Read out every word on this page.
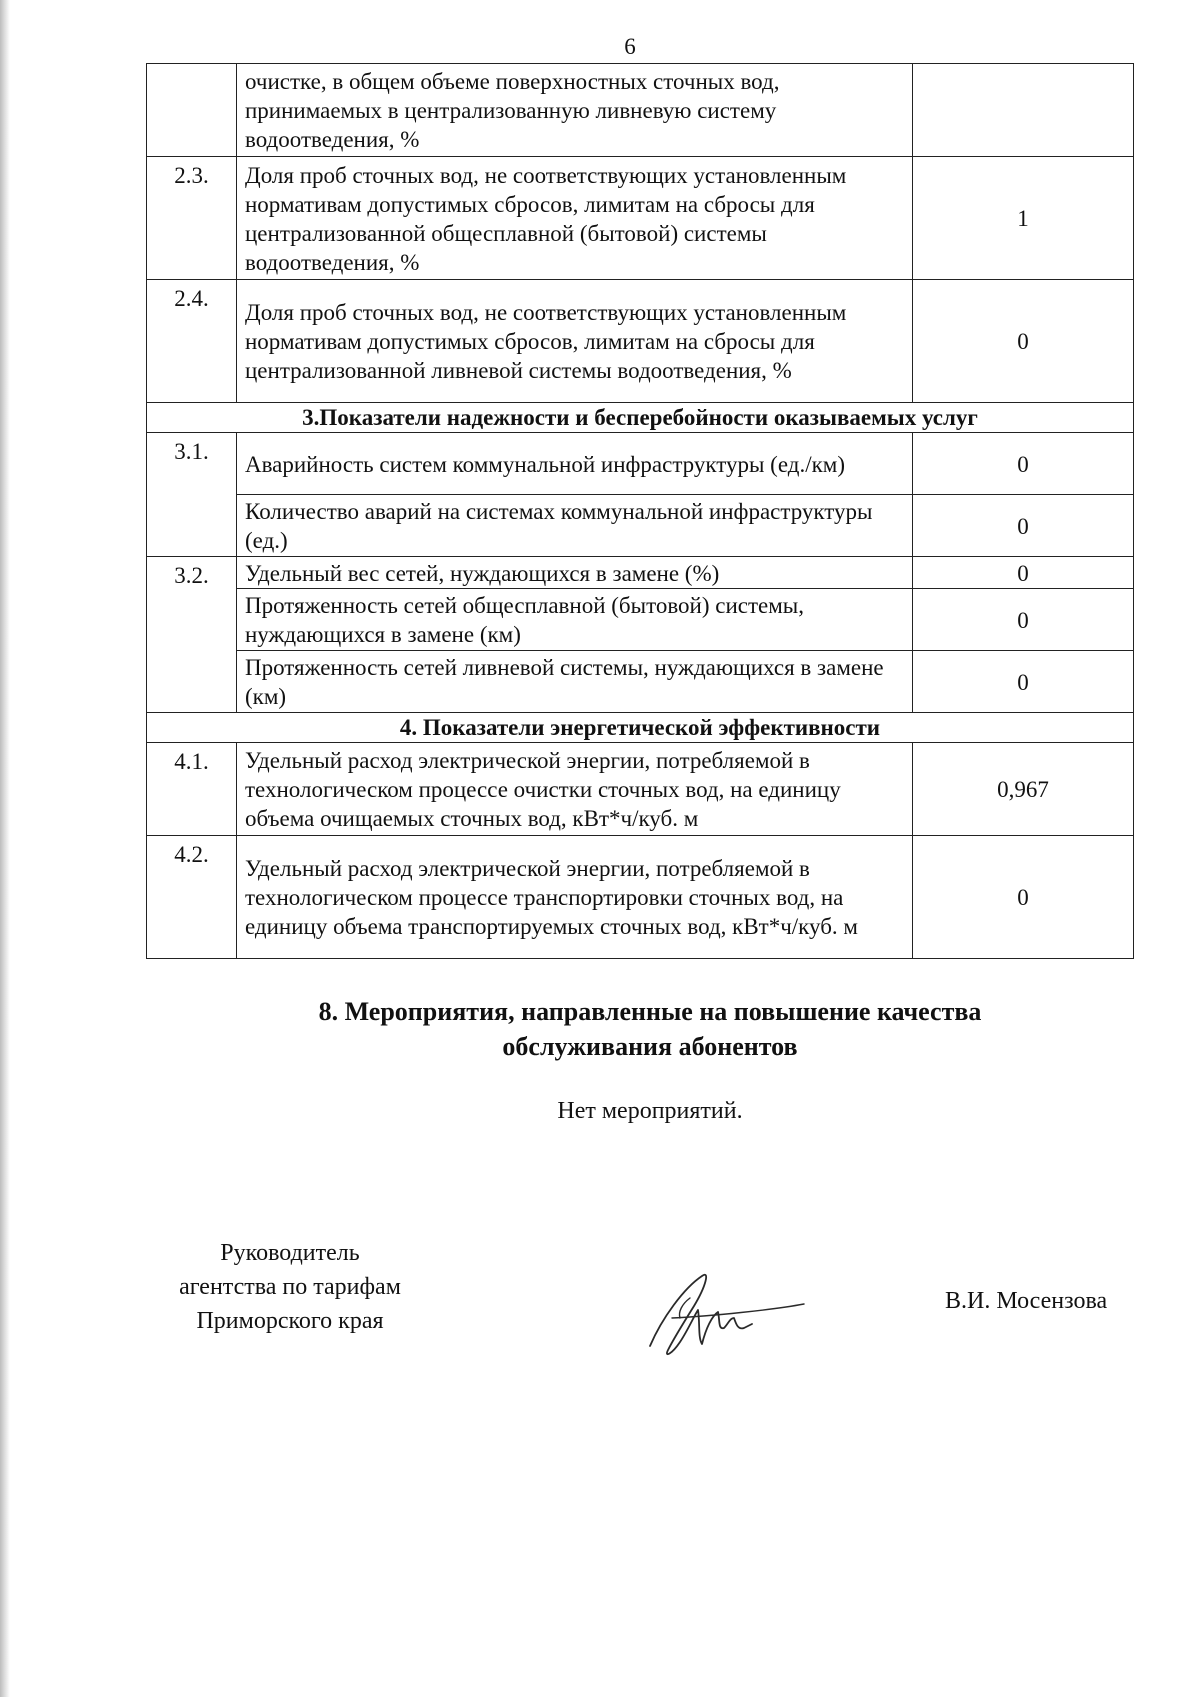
6
	очистке, в общем объеме поверхностных сточных вод, принимаемых в централизованную ливневую систему водоотведения, %	
2.3.	Доля проб сточных вод, не соответствующих установленным нормативам допустимых сбросов, лимитам на сбросы для централизованной общесплавной (бытовой) системы водоотведения, %	1
2.4.	Доля проб сточных вод, не соответствующих установленным нормативам допустимых сбросов, лимитам на сбросы для централизованной ливневой системы водоотведения, %	0
3.Показатели надежности и бесперебойности оказываемых услуг		
3.1.	Аварийность систем коммунальной инфраструктуры (ед./км)	0
	Количество аварий на системах коммунальной инфраструктуры (ед.)	0
3.2.	Удельный вес сетей, нуждающихся в замене (%)	0
	Протяженность сетей общесплавной (бытовой) системы, нуждающихся в замене (км)	0
	Протяженность сетей ливневой системы, нуждающихся в замене (км)	0
4. Показатели энергетической эффективности		
4.1.	Удельный расход электрической энергии, потребляемой в технологическом процессе очистки сточных вод, на единицу объема очищаемых сточных вод, кВт*ч/куб. м	0,967
4.2.	Удельный расход электрической энергии, потребляемой в технологическом процессе транспортировки сточных вод, на единицу объема транспортируемых сточных вод, кВт*ч/куб. м	0
8. Мероприятия, направленные на повышение качества
обслуживания абонентов
Нет мероприятий.
Руководитель
агентства по тарифам
Приморского края
В.И. Мосензова
